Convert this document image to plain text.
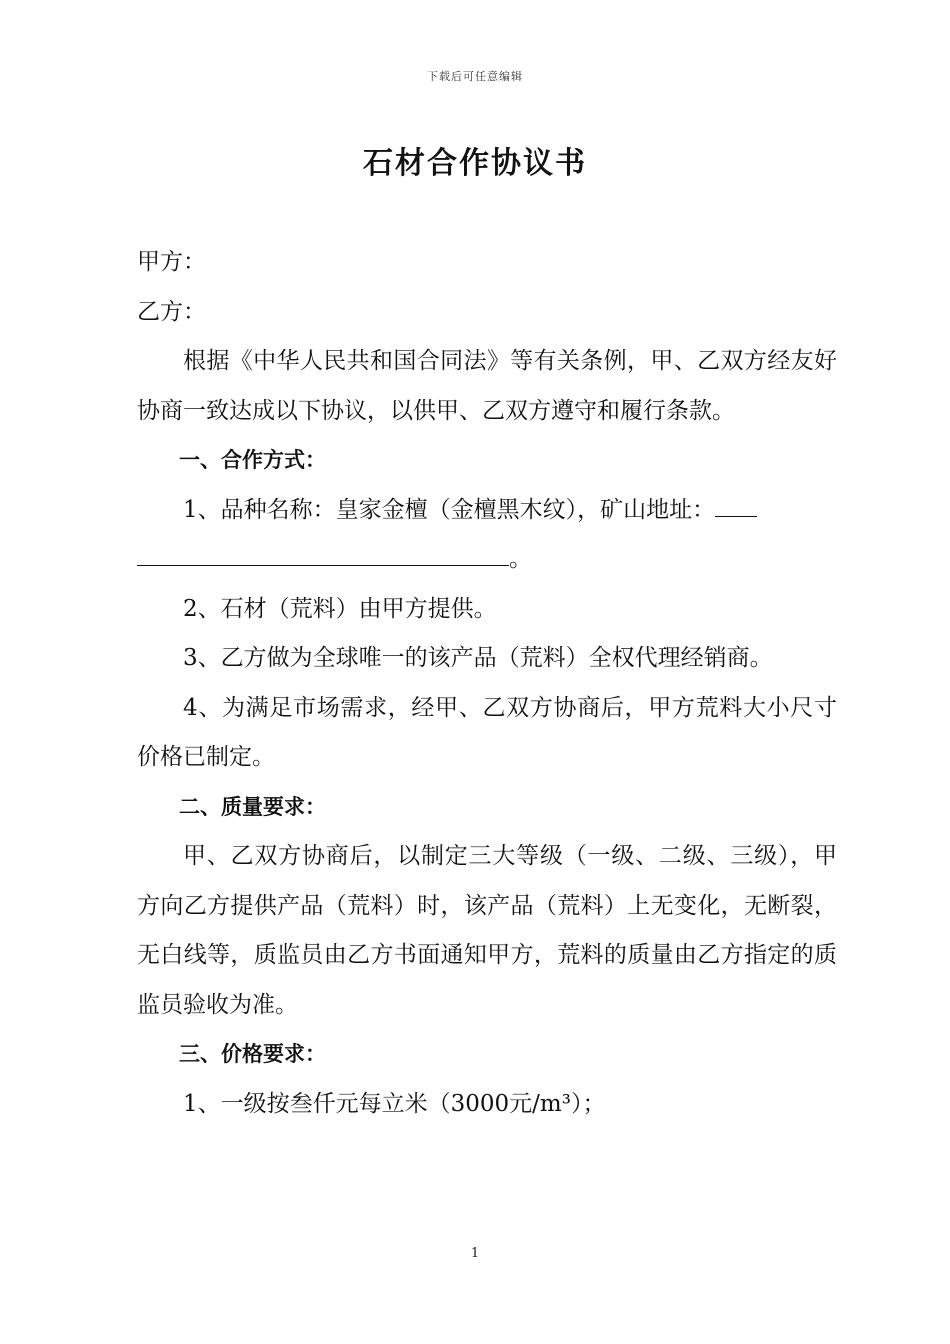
下载后可任意编辑
石材合作协议书

甲方：

乙方：

根据《中华人民共和国合同法》等有关条例，甲、乙双方经友好协商一致达成以下协议，以供甲、乙双方遵守和履行条款。

一、合作方式：

1、品种名称：皇家金檀（金檀黑木纹），矿山地址：
。

2、石材（荒料）由甲方提供。

3、乙方做为全球唯一的该产品（荒料）全权代理经销商。

4、为满足市场需求，经甲、乙双方协商后，甲方荒料大小尺寸价格已制定。

二、质量要求：

甲、乙双方协商后，以制定三大等级（一级、二级、三级），甲方向乙方提供产品（荒料）时，该产品（荒料）上无变化，无断裂，无白线等，质监员由乙方书面通知甲方，荒料的质量由乙方指定的质监员验收为准。

三、价格要求：

1、一级按叁仟元每立米（3000元/m³）；

1
